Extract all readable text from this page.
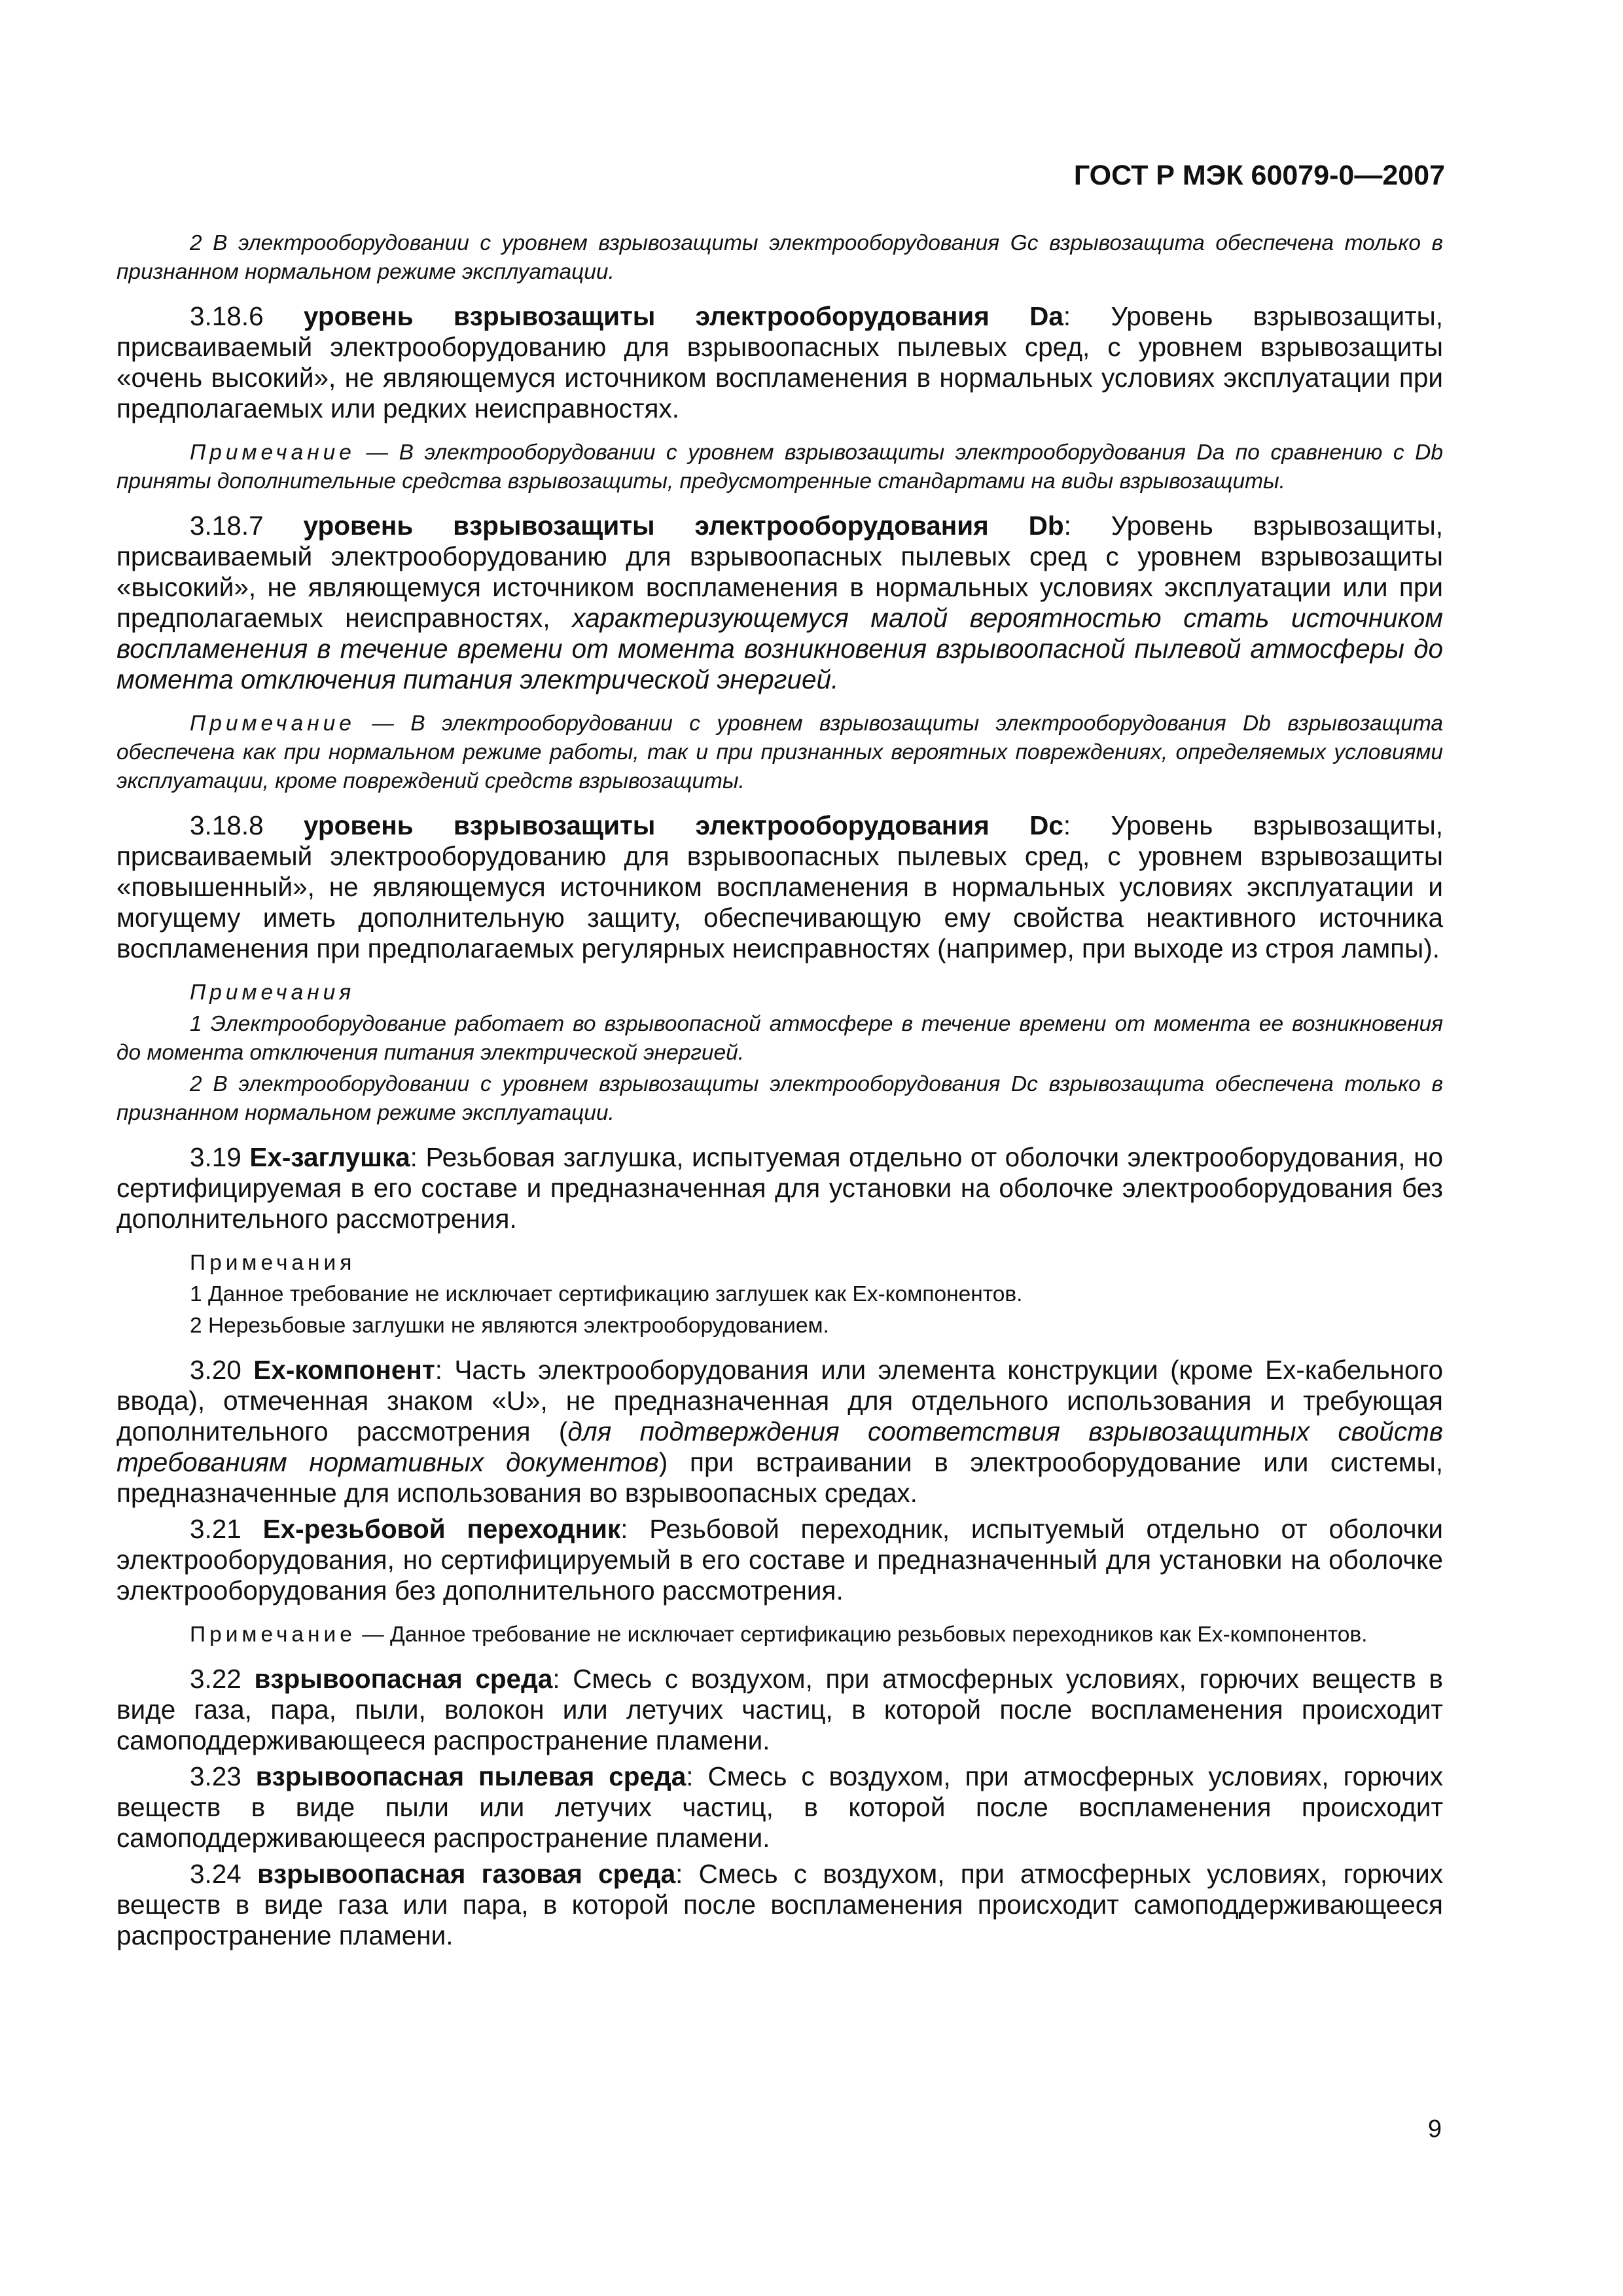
ГОСТ Р МЭК 60079-0—2007

2 В электрооборудовании с уровнем взрывозащиты электрооборудования Gc взрывозащита обеспечена только в признанном нормальном режиме эксплуатации.

3.18.6 уровень взрывозащиты электрооборудования Da: Уровень взрывозащиты, присваиваемый электрооборудованию для взрывоопасных пылевых сред, с уровнем взрывозащиты «очень высокий», не являющемуся источником воспламенения в нормальных условиях эксплуатации при предполагаемых или редких неисправностях.

Примечание — В электрооборудовании с уровнем взрывозащиты электрооборудования Da по сравнению с Db приняты дополнительные средства взрывозащиты, предусмотренные стандартами на виды взрывозащиты.

3.18.7 уровень взрывозащиты электрооборудования Db: Уровень взрывозащиты, присваиваемый электрооборудованию для взрывоопасных пылевых сред с уровнем взрывозащиты «высокий», не являющемуся источником воспламенения в нормальных условиях эксплуатации или при предполагаемых неисправностях, характеризующемуся малой вероятностью стать источником воспламенения в течение времени от момента возникновения взрывоопасной пылевой атмосферы до момента отключения питания электрической энергией.

Примечание — В электрооборудовании с уровнем взрывозащиты электрооборудования Db взрывозащита обеспечена как при нормальном режиме работы, так и при признанных вероятных повреждениях, определяемых условиями эксплуатации, кроме повреждений средств взрывозащиты.

3.18.8 уровень взрывозащиты электрооборудования Dc: Уровень взрывозащиты, присваиваемый электрооборудованию для взрывоопасных пылевых сред, с уровнем взрывозащиты «повышенный», не являющемуся источником воспламенения в нормальных условиях эксплуатации и могущему иметь дополнительную защиту, обеспечивающую ему свойства неактивного источника воспламенения при предполагаемых регулярных неисправностях (например, при выходе из строя лампы).

Примечания

1 Электрооборудование работает во взрывоопасной атмосфере в течение времени от момента ее возникновения до момента отключения питания электрической энергией.

2 В электрооборудовании с уровнем взрывозащиты электрооборудования Dc взрывозащита обеспечена только в признанном нормальном режиме эксплуатации.

3.19 Ex-заглушка: Резьбовая заглушка, испытуемая отдельно от оболочки электрооборудования, но сертифицируемая в его составе и предназначенная для установки на оболочке электрооборудования без дополнительного рассмотрения.

Примечания

1 Данное требование не исключает сертификацию заглушек как Ex-компонентов.

2 Нерезьбовые заглушки не являются электрооборудованием.

3.20 Ex-компонент: Часть электрооборудования или элемента конструкции (кроме Ex-кабельного ввода), отмеченная знаком «U», не предназначенная для отдельного использования и требующая дополнительного рассмотрения (для подтверждения соответствия взрывозащитных свойств требованиям нормативных документов) при встраивании в электрооборудование или системы, предназначенные для использования во взрывоопасных средах.

3.21 Ex-резьбовой переходник: Резьбовой переходник, испытуемый отдельно от оболочки электрооборудования, но сертифицируемый в его составе и предназначенный для установки на оболочке электрооборудования без дополнительного рассмотрения.

Примечание — Данное требование не исключает сертификацию резьбовых переходников как Ex-компонентов.

3.22 взрывоопасная среда: Смесь с воздухом, при атмосферных условиях, горючих веществ в виде газа, пара, пыли, волокон или летучих частиц, в которой после воспламенения происходит самоподдерживающееся распространение пламени.

3.23 взрывоопасная пылевая среда: Смесь с воздухом, при атмосферных условиях, горючих веществ в виде пыли или летучих частиц, в которой после воспламенения происходит самоподдерживающееся распространение пламени.

3.24 взрывоопасная газовая среда: Смесь с воздухом, при атмосферных условиях, горючих веществ в виде газа или пара, в которой после воспламенения происходит самоподдерживающееся распространение пламени.

9
